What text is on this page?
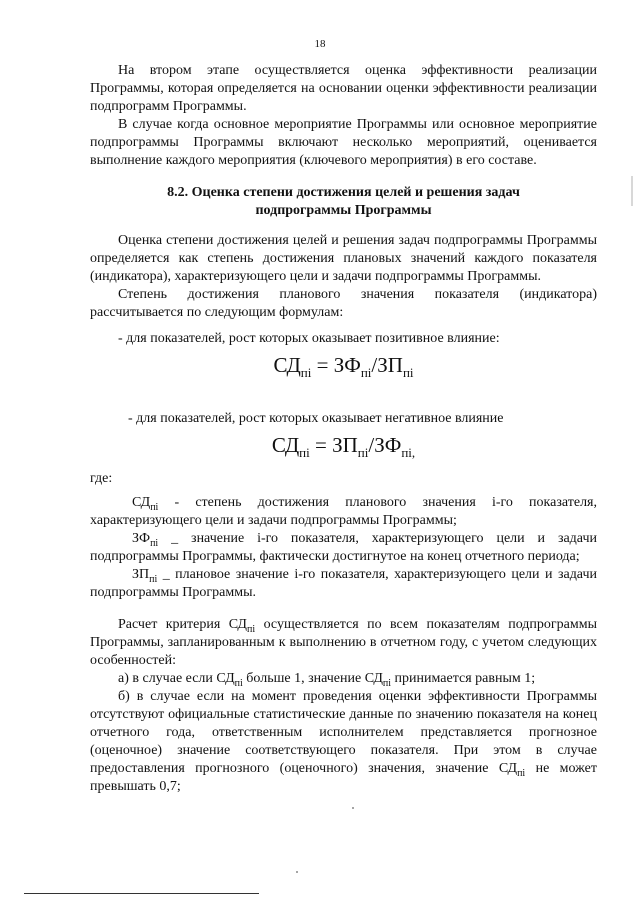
18

На втором этапе осуществляется оценка эффективности реализации Программы, которая определяется на основании оценки эффективности реализации подпрограмм Программы.

В случае когда основное мероприятие Программы или основное мероприятие подпрограммы Программы включают несколько мероприятий, оценивается выполнение каждого мероприятия (ключевого мероприятия) в его составе.

8.2. Оценка степени достижения целей и решения задач
подпрограммы Программы

Оценка степени достижения целей и решения задач подпрограммы Программы определяется как степень достижения плановых значений каждого показателя (индикатора), характеризующего цели и задачи подпрограммы Программы.

Степень достижения планового значения показателя (индикатора) рассчитывается по следующим формулам:

- для показателей, рост которых оказывает позитивное влияние:

$СД_{пі} = ЗФ_{пі}/ЗП_{пі}$

- для показателей, рост которых оказывает негативное влияние

$СД_{пі} = ЗП_{пі}/ЗФ_{пі,}$

где:

$СД_{пі}$ - степень достижения планового значения і-го показателя, характеризующего цели и задачи подпрограммы Программы;

$ЗФ_{пі}$ _ значение і-го показателя, характеризующего цели и задачи подпрограммы Программы, фактически достигнутое на конец отчетного периода;

$ЗП_{пі}$ _ плановое значение і-го показателя, характеризующего цели и задачи подпрограммы Программы.

Расчет критерия $СД_{пі}$ осуществляется по всем показателям подпрограммы Программы, запланированным к выполнению в отчетном году, с учетом следующих особенностей:

а) в случае если $СД_{пі}$ больше 1, значение $СД_{пі}$ принимается равным 1;

б) в случае если на момент проведения оценки эффективности Программы отсутствуют официальные статистические данные по значению показателя на конец отчетного года, ответственным исполнителем представляется прогнозное (оценочное) значение соответствующего показателя. При этом в случае предоставления прогнозного (оценочного) значения, значение $СД_{пі}$ не может превышать 0,7;
